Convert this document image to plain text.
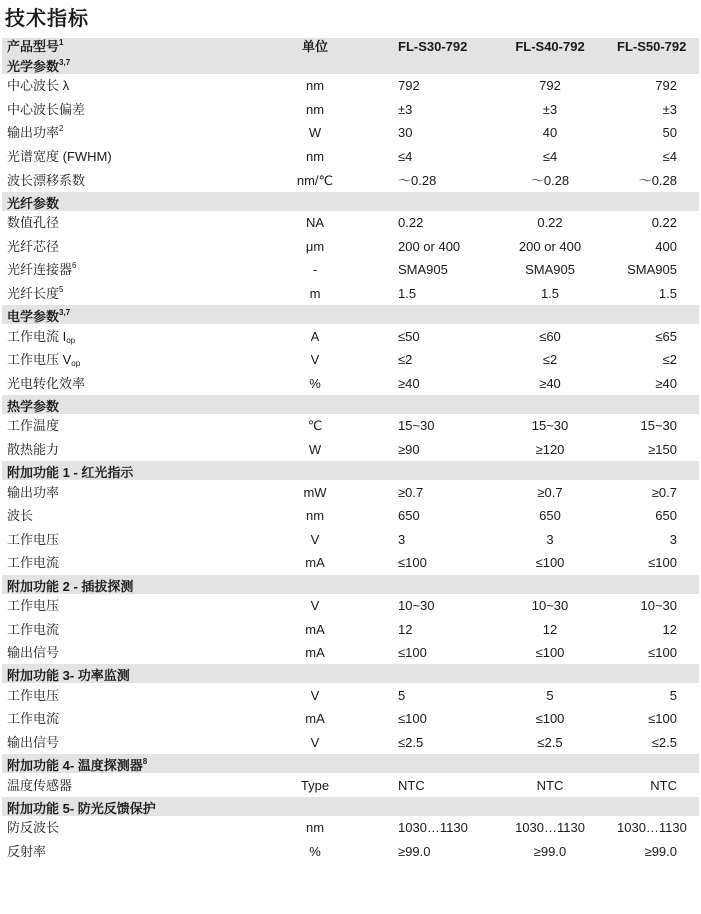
技术指标
产品型号$^1$	单位	FL-S30-792	FL-S40-792	FL-S50-792
光学参数$^{3,7}$
中心波长 λ	nm	792	792	792
中心波长偏差	nm	±3	±3	±3
输出功率$^2$	W	30	40	50
光谱宽度 (FWHM)	nm	≤4	≤4	≤4
波长漂移系数	nm/℃	～0.28	～0.28	～0.28
光纤参数				
数值孔径	NA	0.22	0.22	0.22
光纤芯径	μm	200 or 400	200 or 400	400
光纤连接器$^6$	-	SMA905	SMA905	SMA905
光纤长度$^5$	m	1.5	1.5	1.5
电学参数$^{3,7}$
工作电流 $I_{op}$	A	≤50	≤60	≤65
工作电压 $V_{op}$	V	≤2	≤2	≤2
光电转化效率	%	≥40	≥40	≥40
热学参数				
工作温度	℃	15~30	15~30	15~30
散热能力	W	≥90	≥120	≥150
附加功能 1 - 红光指示				
输出功率	mW	≥0.7	≥0.7	≥0.7
波长	nm	650	650	650
工作电压	V	3	3	3
工作电流	mA	≤100	≤100	≤100
附加功能 2 - 插拔探测				
工作电压	V	10~30	10~30	10~30
工作电流	mA	12	12	12
输出信号	mA	≤100	≤100	≤100
附加功能 3- 功率监测				
工作电压	V	5	5	5
工作电流	mA	≤100	≤100	≤100
输出信号	V	≤2.5	≤2.5	≤2.5
附加功能 4- 温度探测器$^8$
温度传感器	Type	NTC	NTC	NTC
附加功能 5- 防光反馈保护				
防反波长	nm	1030…1130	1030…1130	1030…1130
反射率	%	≥99.0	≥99.0	≥99.0
